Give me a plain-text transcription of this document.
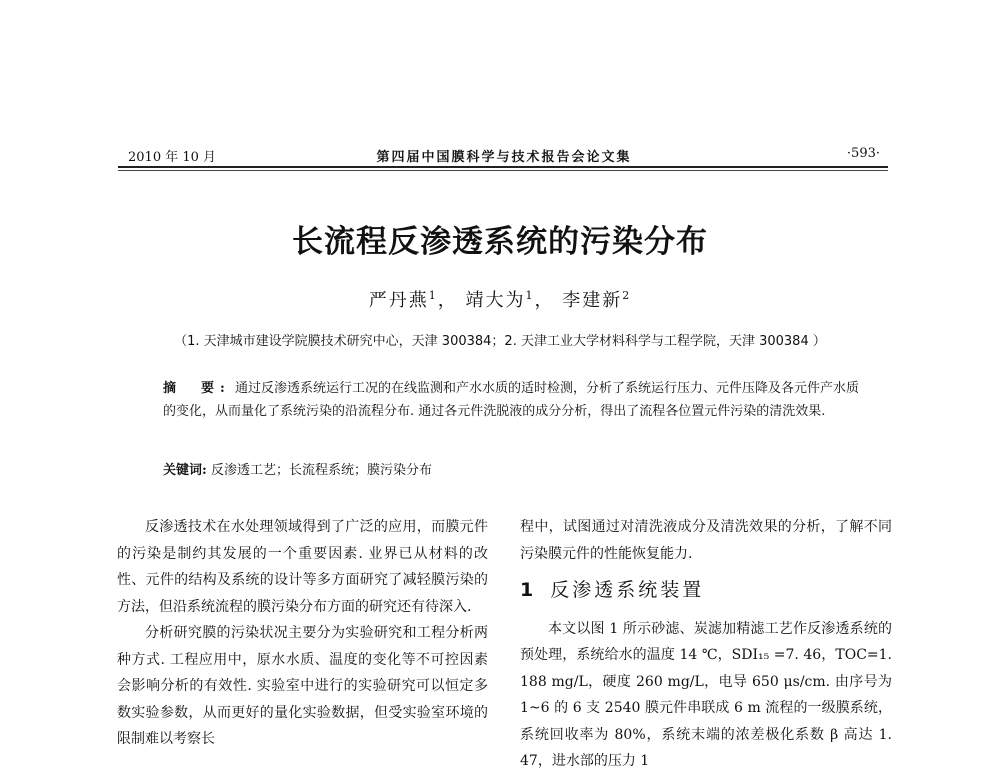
2010 年 10 月	第四届中国膜科学与技术报告会论文集	·593·
长流程反渗透系统的污染分布
严丹燕$^1$， 靖大为$^1$， 李建新$^2$
（1. 天津城市建设学院膜技术研究中心，天津 300384；2. 天津工业大学材料科学与工程学院，天津 300384 ）
摘　要: 通过反渗透系统运行工况的在线监测和产水水质的适时检测，分析了系统运行压力、元件压降及各元件产水质的变化，从而量化了系统污染的沿流程分布. 通过各元件洗脱液的成分分析，得出了流程各位置元件污染的清洗效果.
关键词: 反渗透工艺；长流程系统；膜污染分布

反渗透技术在水处理领域得到了广泛的应用，而膜元件的污染是制约其发展的一个重要因素. 业界已从材料的改性、元件的结构及系统的设计等多方面研究了减轻膜污染的方法，但沿系统流程的膜污染分布方面的研究还有待深入.

分析研究膜的污染状况主要分为实验研究和工程分析两种方式. 工程应用中，原水水质、温度的变化等不可控因素会影响分析的有效性. 实验室中进行的实验研究可以恒定多数实验参数，从而更好的量化实验数据，但受实验室环境的限制难以考察长

程中，试图通过对清洗液成分及清洗效果的分析，了解不同污染膜元件的性能恢复能力.

1 反渗透系统装置

本文以图 1 所示砂滤、炭滤加精滤工艺作反渗透系统的预处理，系统给水的温度 14 ℃，SDI₁₅ =7. 46，TOC=1. 188 mg/L，硬度 260 mg/L，电导 650 μs/cm. 由序号为 1~6 的 6 支 2540 膜元件串联成 6 m 流程的一级膜系统，系统回收率为 80%，系统末端的浓差极化系数 β 高达 1. 47，进水部的压力 1
